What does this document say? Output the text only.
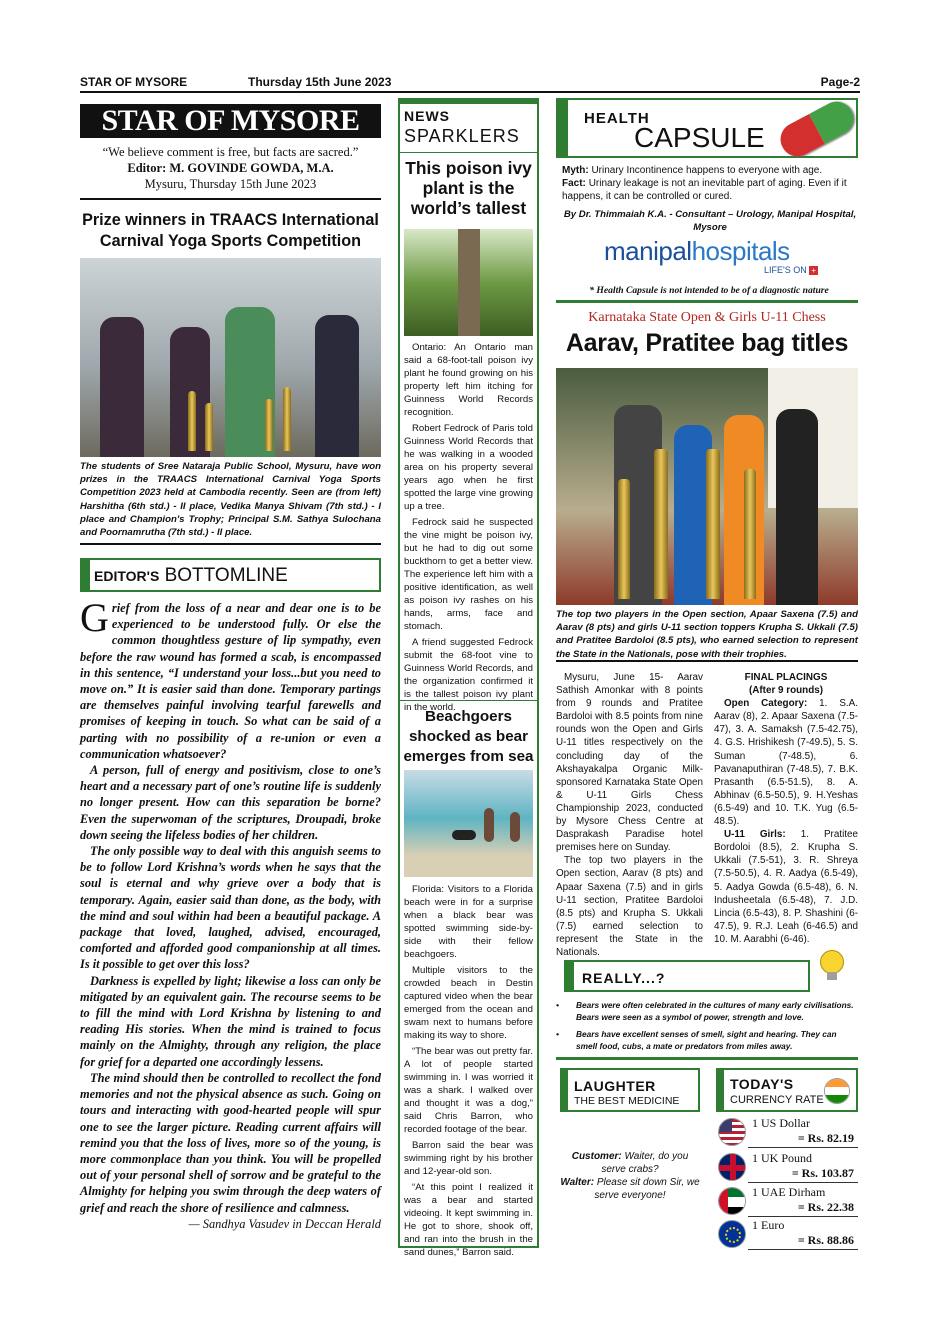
STAR OF MYSORE	Thursday 15th June 2023	Page-2
STAR OF MYSORE
“We believe comment is free, but facts are sacred.”
Editor: M. GOVINDE GOWDA, M.A.
Mysuru, Thursday 15th June 2023
Prize winners in TRAACS International Carnival Yoga Sports Competition
The students of Sree Nataraja Public School, Mysuru, have won prizes in the TRAACS International Carnival Yoga Sports Competition 2023 held at Cambodia recently. Seen are (from left) Harshitha (6th std.) - II place, Vedika Manya Shivam (7th std.) - I place and Champion's Trophy; Principal S.M. Sathya Sulochana and Poornamrutha (7th std.) - II place.
EDITOR'S BOTTOMLINE

Grief from the loss of a near and dear one is to be experienced to be understood fully. Or else the common thoughtless gesture of lip sympathy, even before the raw wound has formed a scab, is encompassed in this sentence, “I understand your loss...but you need to move on.” It is easier said than done. Temporary partings are themselves painful involving tearful farewells and promises of keeping in touch. So what can be said of a parting with no possibility of a re-union or even a communication whatsoever?

A person, full of energy and positivism, close to one’s heart and a necessary part of one’s routine life is suddenly no longer present. How can this separation be borne? Even the superwoman of the scriptures, Droupadi, broke down seeing the lifeless bodies of her children.

The only possible way to deal with this anguish seems to be to follow Lord Krishna’s words when he says that the soul is eternal and why grieve over a body that is temporary. Again, easier said than done, as the body, with the mind and soul within had been a beautiful package. A package that loved, laughed, advised, encouraged, comforted and afforded good companionship at all times. Is it possible to get over this loss?

Darkness is expelled by light; likewise a loss can only be mitigated by an equivalent gain. The recourse seems to be to fill the mind with Lord Krishna by listening to and reading His stories. When the mind is trained to focus mainly on the Almighty, through any religion, the place for grief for a departed one accordingly lessens.

The mind should then be controlled to recollect the fond memories and not the physical absence as such. Going on tours and interacting with good-hearted people will spur one to see the larger picture. Reading current affairs will remind you that the loss of lives, more so of the young, is more commonplace than you think. You will be propelled out of your personal shell of sorrow and be grateful to the Almighty for helping you swim through the deep waters of grief and reach the shore of resilience and calmness.

— Sandhya Vasudev in Deccan Herald
NEWS
SPARKLERS
This poison ivy plant is the world’s tallest

Ontario: An Ontario man said a 68-foot-tall poison ivy plant he found growing on his property left him itching for Guinness World Records recognition.

Robert Fedrock of Paris told Guinness World Records that he was walking in a wooded area on his property several years ago when he first spotted the large vine growing up a tree.

Fedrock said he suspected the vine might be poison ivy, but he had to dig out some buckthorn to get a better view. The experience left him with a positive identification, as well as poison ivy rashes on his hands, arms, face and stomach.

A friend suggested Fedrock submit the 68-foot vine to Guinness World Records, and the organization confirmed it is the tallest poison ivy plant in the world.

Beachgoers shocked as bear emerges from sea

Florida: Visitors to a Florida beach were in for a surprise when a black bear was spotted swimming side-by-side with their fellow beachgoers.

Multiple visitors to the crowded beach in Destin captured video when the bear emerged from the ocean and swam next to humans before making its way to shore.

“The bear was out pretty far. A lot of people started swimming in. I was worried it was a shark. I walked over and thought it was a dog,” said Chris Barron, who recorded footage of the bear.

Barron said the bear was swimming right by his brother and 12-year-old son.

“At this point I realized it was a bear and started videoing. It kept swimming in. He got to shore, shook off, and ran into the brush in the sand dunes,” Barron said.

HEALTH
CAPSULE
Myth: Urinary Incontinence happens to everyone with age.
Fact: Urinary leakage is not an inevitable part of aging. Even if it happens, it can be controlled or cured.
By Dr. Thimmaiah K.A. - Consultant – Urology, Manipal Hospital, Mysore
manipalhospitals
LIFE'S ON +
* Health Capsule is not intended to be of a diagnostic nature
Karnataka State Open & Girls U-11 Chess
Aarav, Pratitee bag titles
The top two players in the Open section, Apaar Saxena (7.5) and Aarav (8 pts) and girls U-11 section toppers Krupha S. Ukkali (7.5) and Pratitee Bardoloi (8.5 pts), who earned selection to represent the State in the Nationals, pose with their trophies.

Mysuru, June 15- Aarav Sathish Amonkar with 8 points from 9 rounds and Pratitee Bardoloi with 8.5 points from nine rounds won the Open and Girls U-11 titles respectively on the concluding day of the Akshayakalpa Organic Milk-sponsored Karnataka State Open & U-11 Girls Chess Championship 2023, conducted by Mysore Chess Centre at Dasprakash Paradise hotel premises here on Sunday.

The top two players in the Open section, Aarav (8 pts) and Apaar Saxena (7.5) and in girls U-11 section, Pratitee Bardoloi (8.5 pts) and Krupha S. Ukkali (7.5) earned selection to represent the State in the Nationals.

FINAL PLACINGS
(After 9 rounds)

Open Category: 1. S.A. Aarav (8), 2. Apaar Saxena (7.5-47), 3. A. Samaksh (7.5-42.75), 4. G.S. Hrishikesh (7-49.5), 5. S. Suman (7-48.5), 6. Pavanaputhiran (7-48.5), 7. B.K. Prasanth (6.5-51.5), 8. A. Abhinav (6.5-50.5), 9. H.Yeshas (6.5-49) and 10. T.K. Yug (6.5-48.5).

U-11 Girls: 1. Pratitee Bordoloi (8.5), 2. Krupha S. Ukkali (7.5-51), 3. R. Shreya (7.5-50.5), 4. R. Aadya (6.5-49), 5. Aadya Gowda (6.5-48), 6. N. Indusheetala (6.5-48), 7. J.D. Lincia (6.5-43), 8. P. Shashini (6-47.5), 9. R.J. Leah (6-46.5) and 10. M. Aarabhi (6-46).

REALLY...?
•	Bears were often celebrated in the cultures of many early civilisations. Bears were seen as a symbol of power, strength and love.
•	Bears have excellent senses of smell, sight and hearing. They can smell food, cubs, a mate or predators from miles away.
LAUGHTER
THE BEST MEDICINE
Customer: Waiter, do you serve crabs?
Walter: Please sit down Sir, we serve everyone!
TODAY'S
CURRENCY RATE
1 US Dollar
= Rs. 82.19
1 UK Pound
= Rs. 103.87
1 UAE Dirham
= Rs. 22.38
1 Euro
= Rs. 88.86
